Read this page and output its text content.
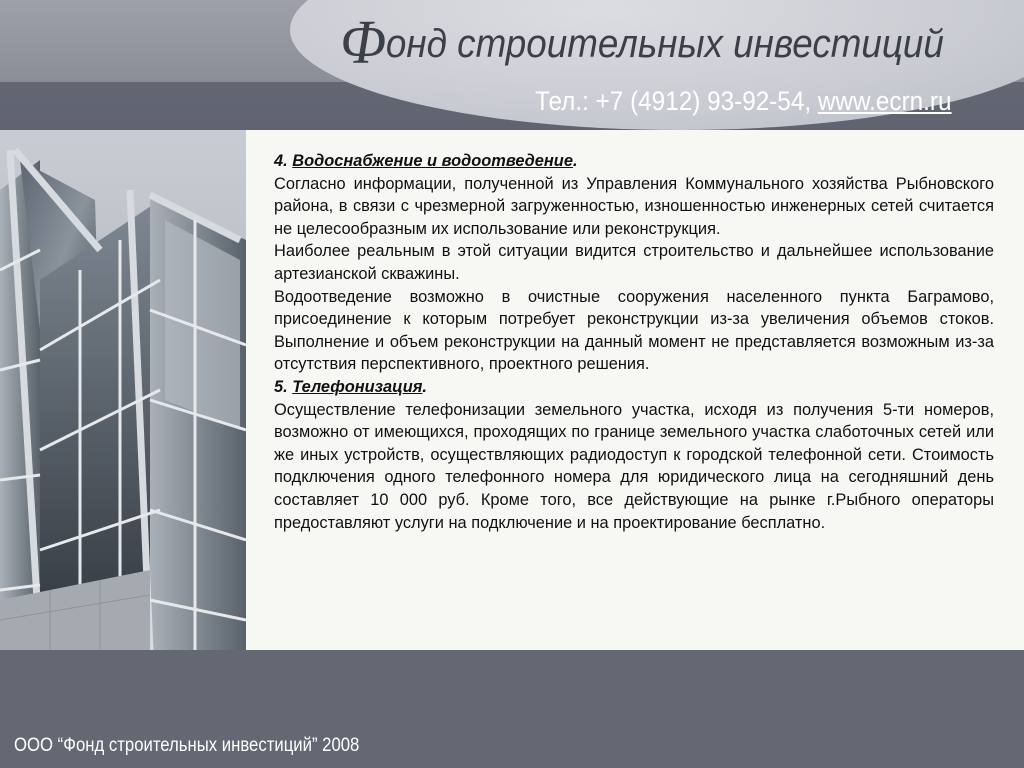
Фонд строительных инвестиций
Тел.: +7 (4912) 93-92-54, www.ecrn.ru

4. Водоснабжение и водоотведение.

Согласно информации, полученной из Управления Коммунального хозяйства Рыбновского района, в связи с чрезмерной загруженностью, изношенностью инженерных сетей считается не целесообразным их использование или реконструкция.

Наиболее реальным в этой ситуации видится строительство и дальнейшее использование артезианской скважины.

Водоотведение возможно в очистные сооружения населенного пункта Баграмово, присоединение к которым потребует реконструкции из-за увеличения объемов стоков. Выполнение и объем реконструкции на данный момент не представляется возможным из-за отсутствия перспективного, проектного решения.

5. Телефонизация.

Осуществление телефонизации земельного участка, исходя из получения 5-ти номеров, возможно от имеющихся, проходящих по границе земельного участка слаботочных сетей или же иных устройств, осуществляющих радиодоступ к городской телефонной сети. Стоимость подключения одного телефонного номера для юридического лица на сегодняшний день составляет 10 000 руб. Кроме того, все действующие на рынке г.Рыбного операторы предоставляют услуги на подключение и на проектирование бесплатно.

ООО “Фонд строительных инвестиций” 2008
